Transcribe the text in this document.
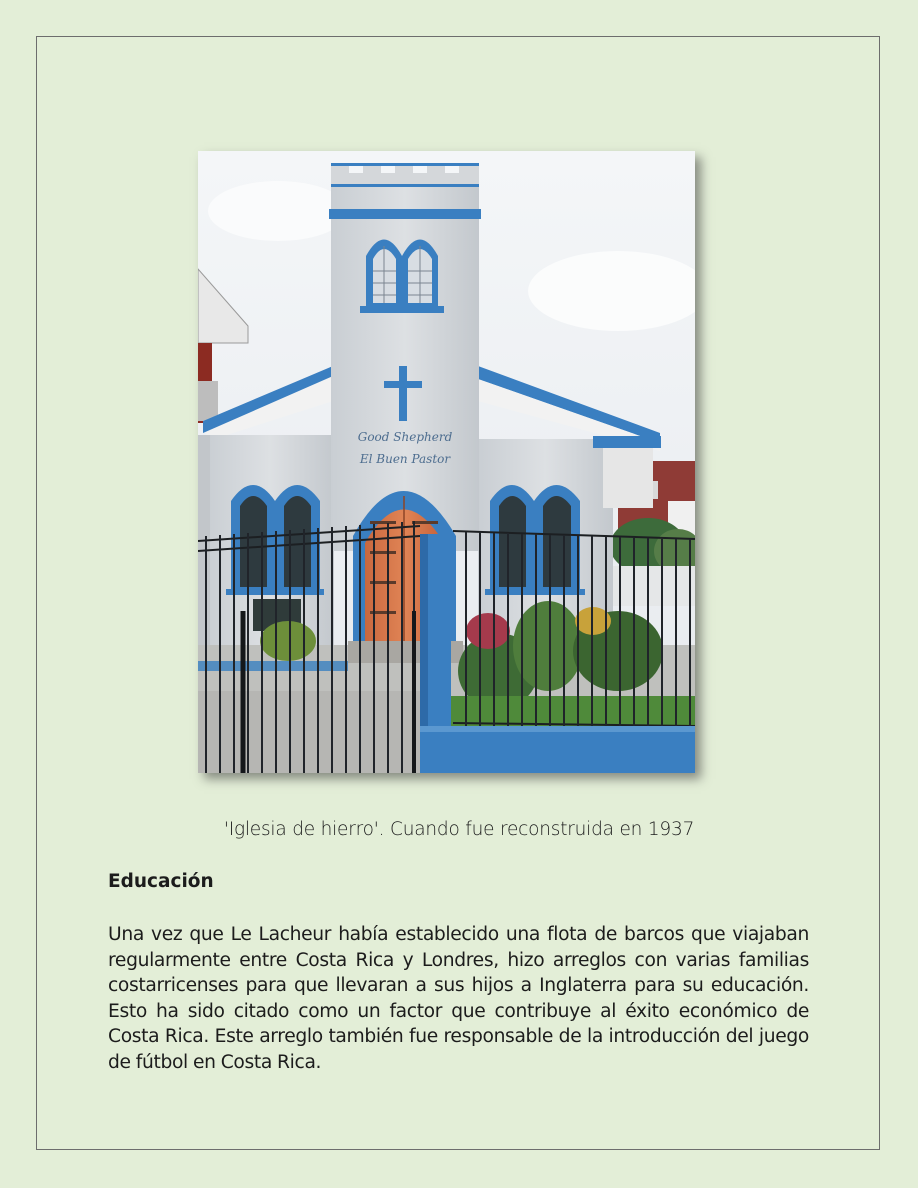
Good Shepherd
El Buen Pastor
'Iglesia de hierro'. Cuando fue reconstruida en 1937
Educación
Una vez que Le Lacheur había establecido una flota de barcos que viajaban regularmente entre Costa Rica y Londres, hizo arreglos con varias familias costarricenses para que llevaran a sus hijos a Inglaterra para su educación. Esto ha sido citado como un factor que contribuye al éxito económico de Costa Rica. Este arreglo también fue responsable de la introducción del juego de fútbol en Costa Rica.
